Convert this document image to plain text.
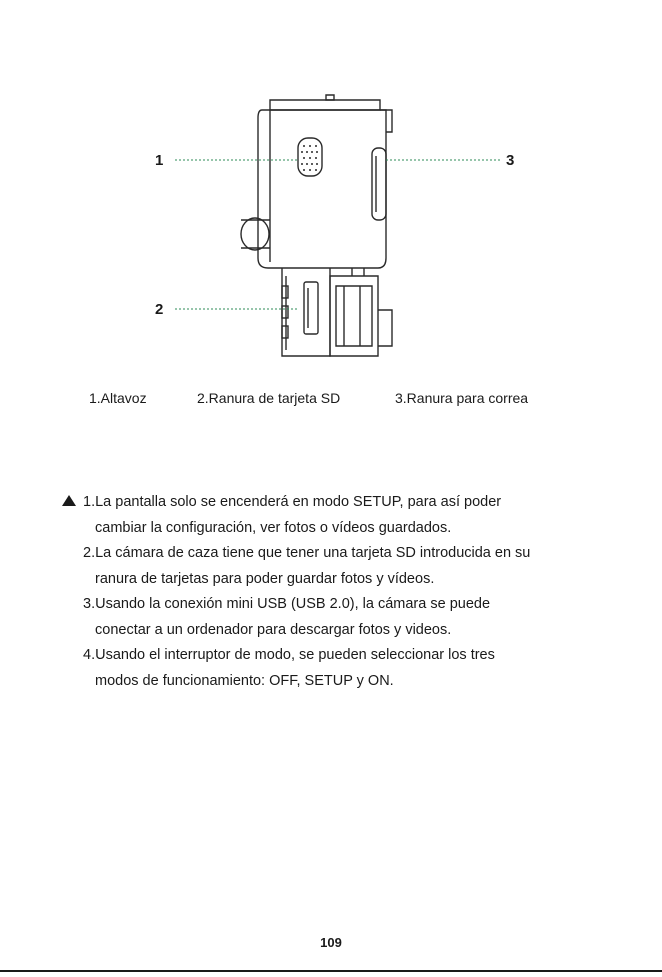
1	3
2
1.Altavoz	2.Ranura de tarjeta SD	3.Ranura para correa
1.La pantalla solo se encenderá en modo SETUP, para así poder
cambiar la configuración, ver fotos o vídeos guardados.
2.La cámara de caza tiene que tener una tarjeta SD introducida en su
ranura de tarjetas para poder guardar fotos y vídeos.
3.Usando la conexión mini USB (USB 2.0), la cámara se puede
conectar a un ordenador para descargar fotos y videos.
4.Usando el interruptor de modo, se pueden seleccionar los tres
modos de funcionamiento: OFF, SETUP y ON.
109
